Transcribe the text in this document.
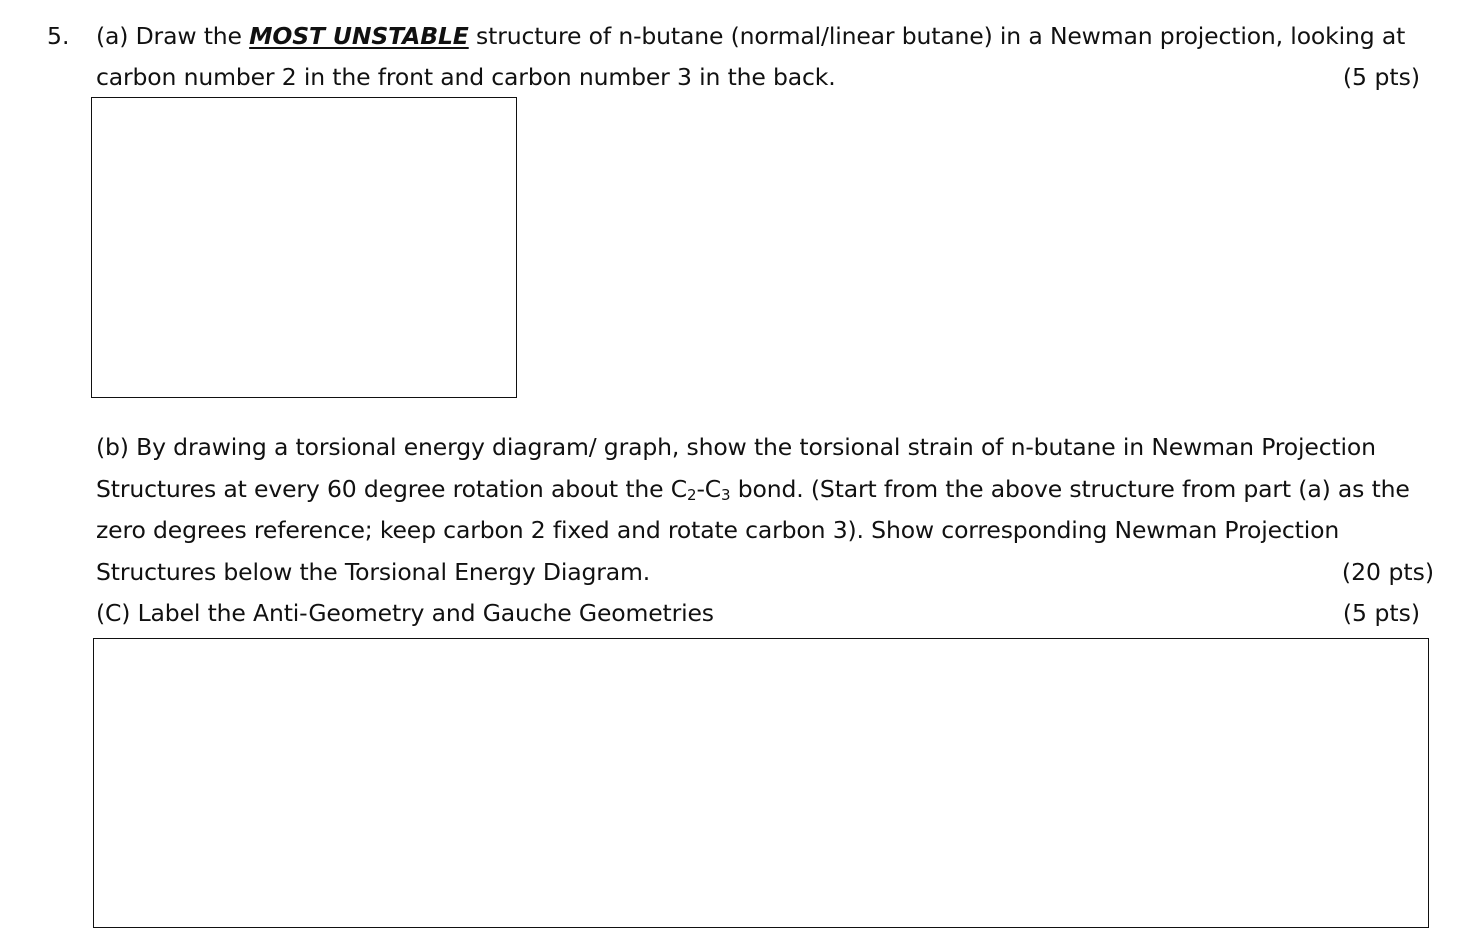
5. (a) Draw the MOST UNSTABLE structure of n-butane (normal/linear butane) in a Newman projection, looking at
carbon number 2 in the front and carbon number 3 in the back.	(5 pts)
(b) By drawing a torsional energy diagram/ graph, show the torsional strain of n-butane in Newman Projection
Structures at every 60 degree rotation about the $C_2-C_3$ bond. (Start from the above structure from part (a) as the
zero degrees reference; keep carbon 2 fixed and rotate carbon 3). Show corresponding Newman Projection
Structures below the Torsional Energy Diagram.	(20 pts)
(C) Label the Anti-Geometry and Gauche Geometries	(5 pts)
